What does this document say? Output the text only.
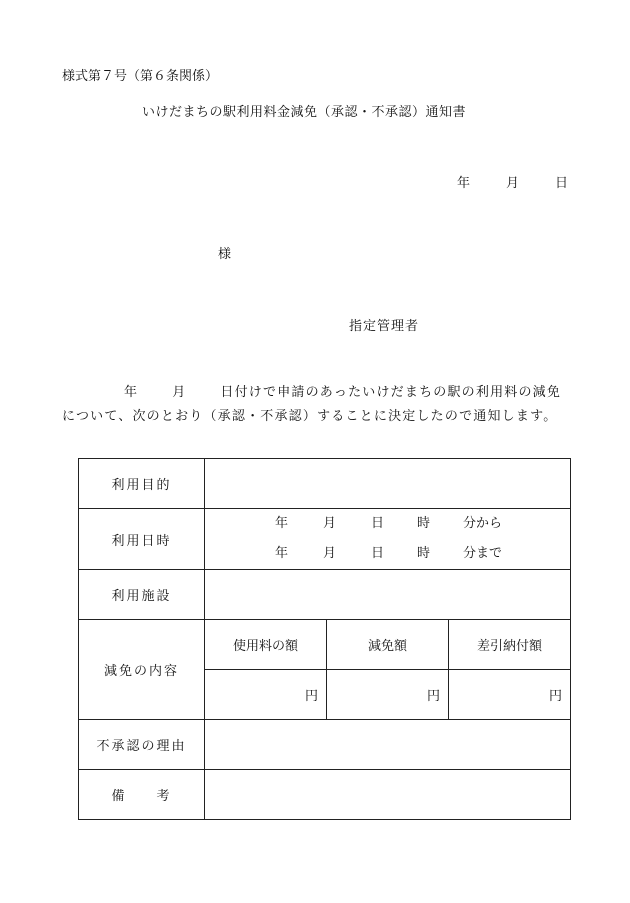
様式第７号（第６条関係）
いけだまちの駅利用料金減免（承認・不承認）通知書
年	月	日
様
指定管理者
年	月	日付けで申請のあったいけだまちの駅の利用料の減免について、次のとおり（承認・不承認）することに決定したので通知します。
利用目的			
利用日時	年 月 日 時 分から
年 月 日 時 分まで		

利用施設			
減免の内容	使用料の額	減免額	差引納付額
	円	円	円
不承認の理由			
備　　考			
